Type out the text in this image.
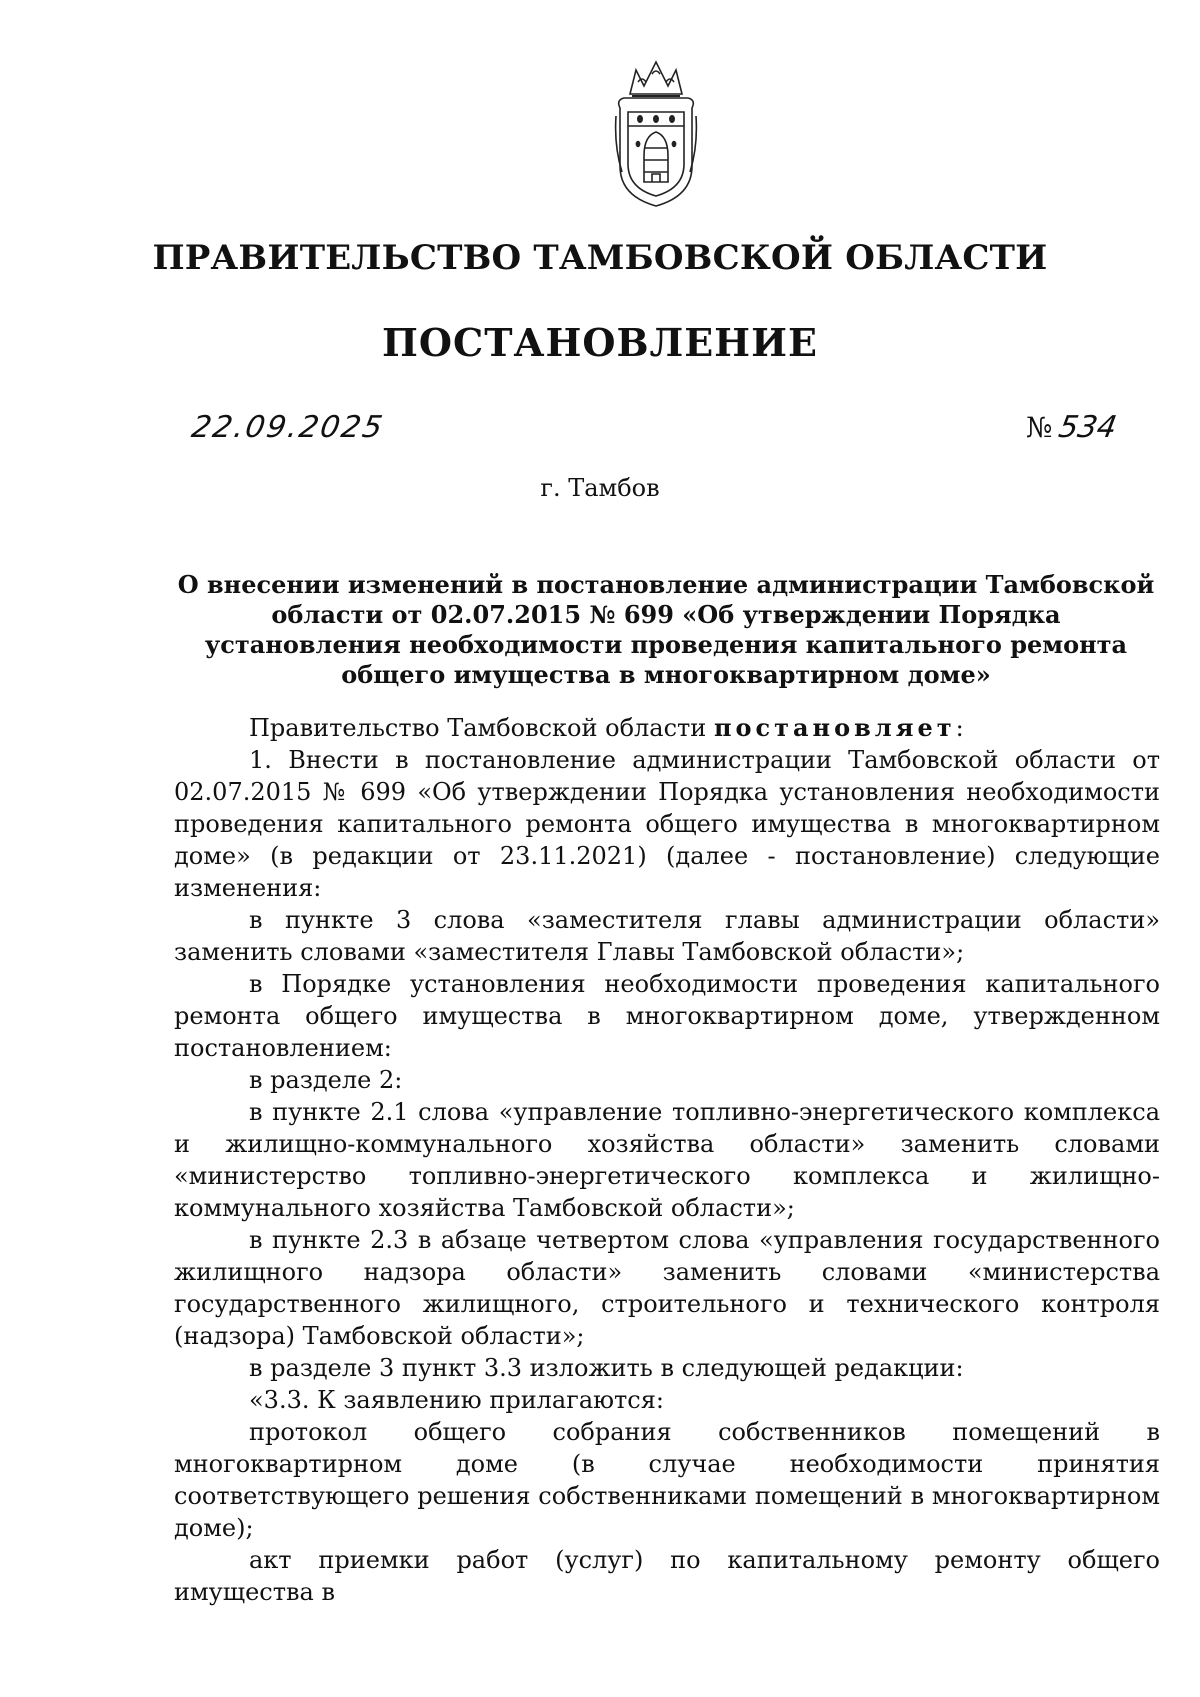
ПРАВИТЕЛЬСТВО ТАМБОВСКОЙ ОБЛАСТИ
ПОСТАНОВЛЕНИЕ
22.09.2025	№534
г. Тамбов
О внесении изменений в постановление администрации Тамбовской области от 02.07.2015 № 699 «Об утверждении Порядка установления необходимости проведения капитального ремонта общего имущества в многоквартирном доме»

Правительство Тамбовской области постановляет:

1. Внести в постановление администрации Тамбовской области от 02.07.2015 № 699 «Об утверждении Порядка установления необходимости проведения капитального ремонта общего имущества в многоквартирном доме» (в редакции от 23.11.2021) (далее - постановление) следующие изменения:

в пункте 3 слова «заместителя главы администрации области» заменить словами «заместителя Главы Тамбовской области»;

в Порядке установления необходимости проведения капитального ремонта общего имущества в многоквартирном доме, утвержденном постановлением:

в разделе 2:

в пункте 2.1 слова «управление топливно-энергетического комплекса и жилищно-коммунального хозяйства области» заменить словами «министерство топливно-энергетического комплекса и жилищно-коммунального хозяйства Тамбовской области»;

в пункте 2.3 в абзаце четвертом слова «управления государственного жилищного надзора области» заменить словами «министерства государственного жилищного, строительного и технического контроля (надзора) Тамбовской области»;

в разделе 3 пункт 3.3 изложить в следующей редакции:

«3.3. К заявлению прилагаются:

протокол общего собрания собственников помещений в многоквартирном доме (в случае необходимости принятия соответствующего решения собственниками помещений в многоквартирном доме);

акт приемки работ (услуг) по капитальному ремонту общего имущества в
